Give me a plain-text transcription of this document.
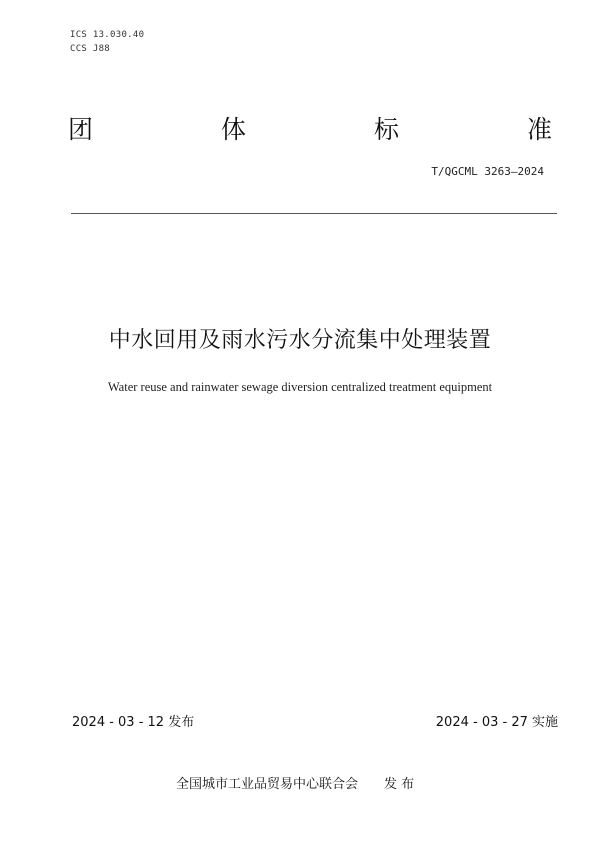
ICS 13.030.40
CCS J88
团	体	标	准
T/QGCML 3263—2024
中水回用及雨水污水分流集中处理装置
Water reuse and rainwater sewage diversion centralized treatment equipment
2024 - 03 - 12 发布	2024 - 03 - 27 实施
全国城市工业品贸易中心联合会 发 布
